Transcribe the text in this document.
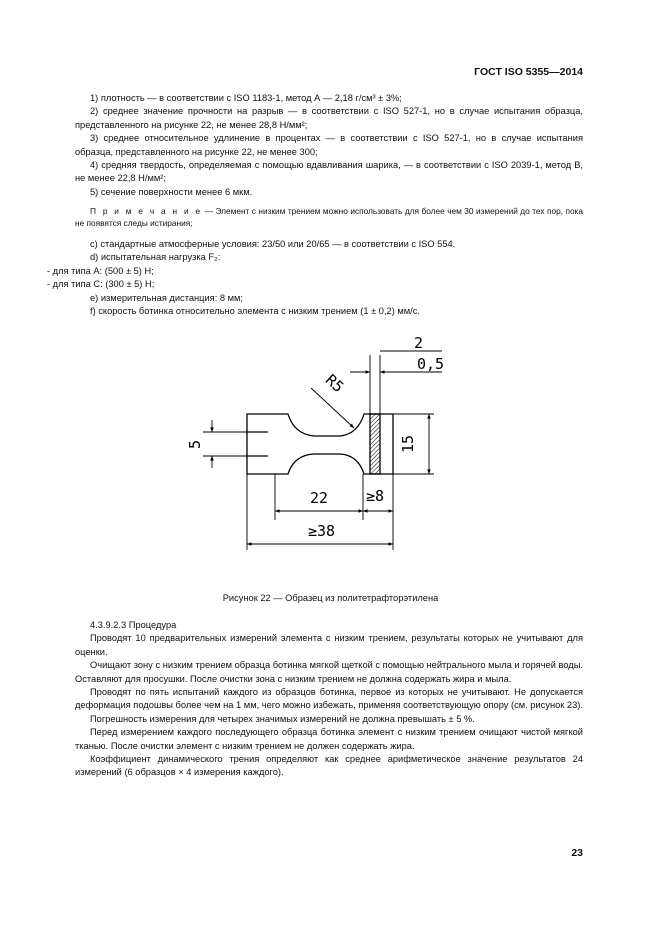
ГОСТ ISO 5355—2014

1) плотность — в соответствии с ISO 1183-1, метод А — 2,18 г/см³ ± 3%;

2) среднее значение прочности на разрыв — в соответствии с ISO 527-1, но в случае испытания образца, представленного на рисунке 22, не менее 28,8 Н/мм²;

3) среднее относительное удлинение в процентах — в соответствии с ISO 527-1, но в случае испытания образца, представленного на рисунке 22, не менее 300;

4) средняя твердость, определяемая с помощью вдавливания шарика, — в соответствии с ISO 2039-1, метод В, не менее 22,8 Н/мм²;

5) сечение поверхности менее 6 мкм.

П р и м е ч а н и е — Элемент с низким трением можно использовать для более чем 30 измерений до тех пор, пока не появятся следы истирания;

c) стандартные атмосферные условия: 23/50 или 20/65 — в соответствии с ISO 554.

d) испытательная нагрузка F₂:

- для типа A: (500 ± 5) Н;

- для типа C: (300 ± 5) Н;

e) измерительная дистанция: 8 мм;

f) скорость ботинка относительно элемента с низким трением (1 ± 0,2) мм/с.

2
0,5
R5
5	15
22	≥8
≥38
Рисунок 22 — Образец из политетрафторэтилена

4.3.9.2.3 Процедура

Проводят 10 предварительных измерений элемента с низким трением, результаты которых не учитывают для оценки.

Очищают зону с низким трением образца ботинка мягкой щеткой с помощью нейтрального мыла и горячей воды. Оставляют для просушки. После очистки зона с низким трением не должна содержать жира и мыла.

Проводят по пять испытаний каждого из образцов ботинка, первое из которых не учитывают. Не допускается деформация подошвы более чем на 1 мм, чего можно избежать, применяя соответствующую опору (см. рисунок 23).

Погрешность измерения для четырех значимых измерений не должна превышать ± 5 %.

Перед измерением каждого последующего образца ботинка элемент с низким трением очищают чистой мягкой тканью. После очистки элемент с низким трением не должен содержать жира.

Коэффициент динамического трения определяют как среднее арифметическое значение результатов 24 измерений (6 образцов × 4 измерения каждого).

23
